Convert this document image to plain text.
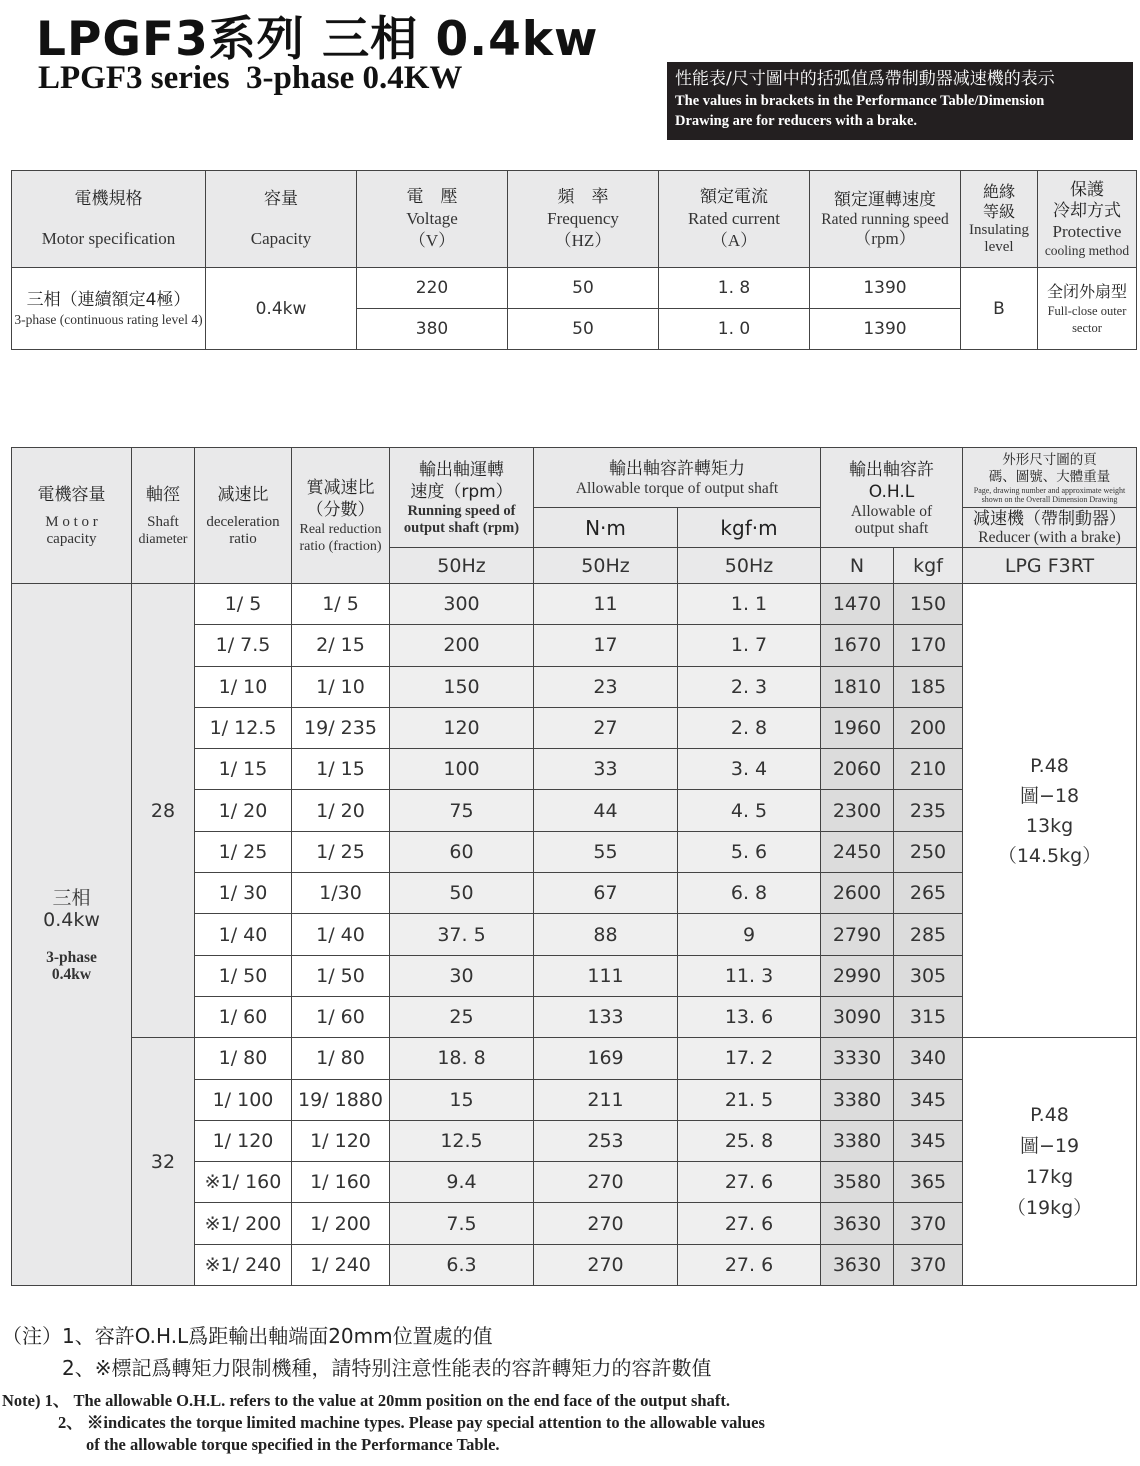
LPGF3系列 三相 0.4kw
LPGF3 series  3-phase 0.4KW	性能表/尺寸圖中的括弧值爲帶制動器减速機的表示
The values in brackets in the Performance Table/Dimension
Drawing are for reducers with a brake.
電機規格
Motor specification	容量
Capacity	電　壓
Voltage
（V）	頻　率
Frequency
（HZ）	額定電流
Rated current
（A）	額定運轉速度
Rated running speed
（rpm）	絶緣等級
Insulating
level	保護
冷却方式
Protective
cooling method

三相（連續額定4極）
3-phase (continuous rating level 4)	0.4kw	220	50	1. 8	1390	B	全闭外扇型
Full-close outer sector

		380	50	1. 0	1390		
電機容量
M o t o r
capacity	軸徑
Shaft
diameter	减速比
deceleration
ratio	實减速比
（分數）
Real reduction
ratio (fraction)	輸出軸運轉
速度（rpm）
Running speed of
output shaft (rpm)	輸出軸容許轉矩力
Allowable torque of output shaft		輸出軸容許
O.H.L
Allowable of
output shaft		外形尺寸圖的頁
碼、圖號、大體重量
Page, drawing number and approximate weight
shown on the Overall Dimension Drawing

					N·m	kgf·m			减速機（帶制動器）
Reducer (with a brake)

				50Hz	50Hz	50Hz	N	kgf	LPG F3RT

三相
0.4kw
3-phase
0.4kw	28	1/ 5	1/ 5	300	11	1. 1	1470	150	P.48
圖−18
13kg
（14.5kg）

		1/ 7.5	2/ 15	200	17	1. 7	1670	170	
		1/ 10	1/ 10	150	23	2. 3	1810	185	
		1/ 12.5	19/ 235	120	27	2. 8	1960	200	
		1/ 15	1/ 15	100	33	3. 4	2060	210	
		1/ 20	1/ 20	75	44	4. 5	2300	235	
		1/ 25	1/ 25	60	55	5. 6	2450	250	
		1/ 30	1/30	50	67	6. 8	2600	265	
		1/ 40	1/ 40	37. 5	88	9	2790	285	
		1/ 50	1/ 50	30	111	11. 3	2990	305	
		1/ 60	1/ 60	25	133	13. 6	3090	315	
	32	1/ 80	1/ 80	18. 8	169	17. 2	3330	340	P.48
圖−19
17kg
（19kg）

		1/ 100	19/ 1880	15	211	21. 5	3380	345	
		1/ 120	1/ 120	12.5	253	25. 8	3380	345	
		※1/ 160	1/ 160	9.4	270	27. 6	3580	365	
		※1/ 200	1/ 200	7.5	270	27. 6	3630	370	
		※1/ 240	1/ 240	6.3	270	27. 6	3630	370	
（注）1、容許O.H.L爲距輸出軸端面20mm位置處的值
2、※標記爲轉矩力限制機種，請特别注意性能表的容許轉矩力的容許數值
Note) 1、 The allowable O.H.L. refers to the value at 20mm position on the end face of the output shaft.
2、 ※indicates the torque limited machine types. Please pay special attention to the allowable values
of the allowable torque specified in the Performance Table.
